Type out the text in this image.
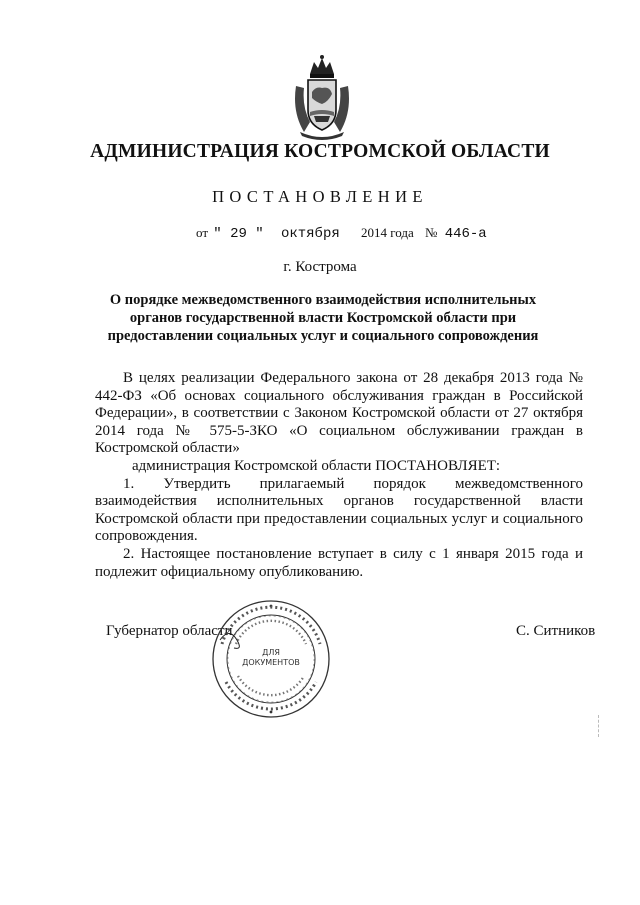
АДМИНИСТРАЦИЯ КОСТРОМСКОЙ ОБЛАСТИ
ПОСТАНОВЛЕНИЕ
от " 29 " октября 2014 года № 446-а
г. Кострома
О порядке межведомственного взаимодействия исполнительных органов государственной власти Костромской области при предоставлении социальных услуг и социального сопровождения

В целях реализации Федерального закона от 28 декабря 2013 года № 442-ФЗ «Об основах социального обслуживания граждан в Российской Федерации», в соответствии с Законом Костромской области от 27 октября 2014 года № 575-5-ЗКО «О социальном обслуживании граждан в Костромской области»

администрация Костромской области ПОСТАНОВЛЯЕТ:

1. Утвердить прилагаемый порядок межведомственного взаимодействия исполнительных органов государственной власти Костромской области при предоставлении социальных услуг и социального сопровождения.

2. Настоящее постановление вступает в силу с 1 января 2015 года и подлежит официальному опубликованию.

Губернатор области	С. Ситников
ДЛЯ
ДОКУМЕНТОВ
